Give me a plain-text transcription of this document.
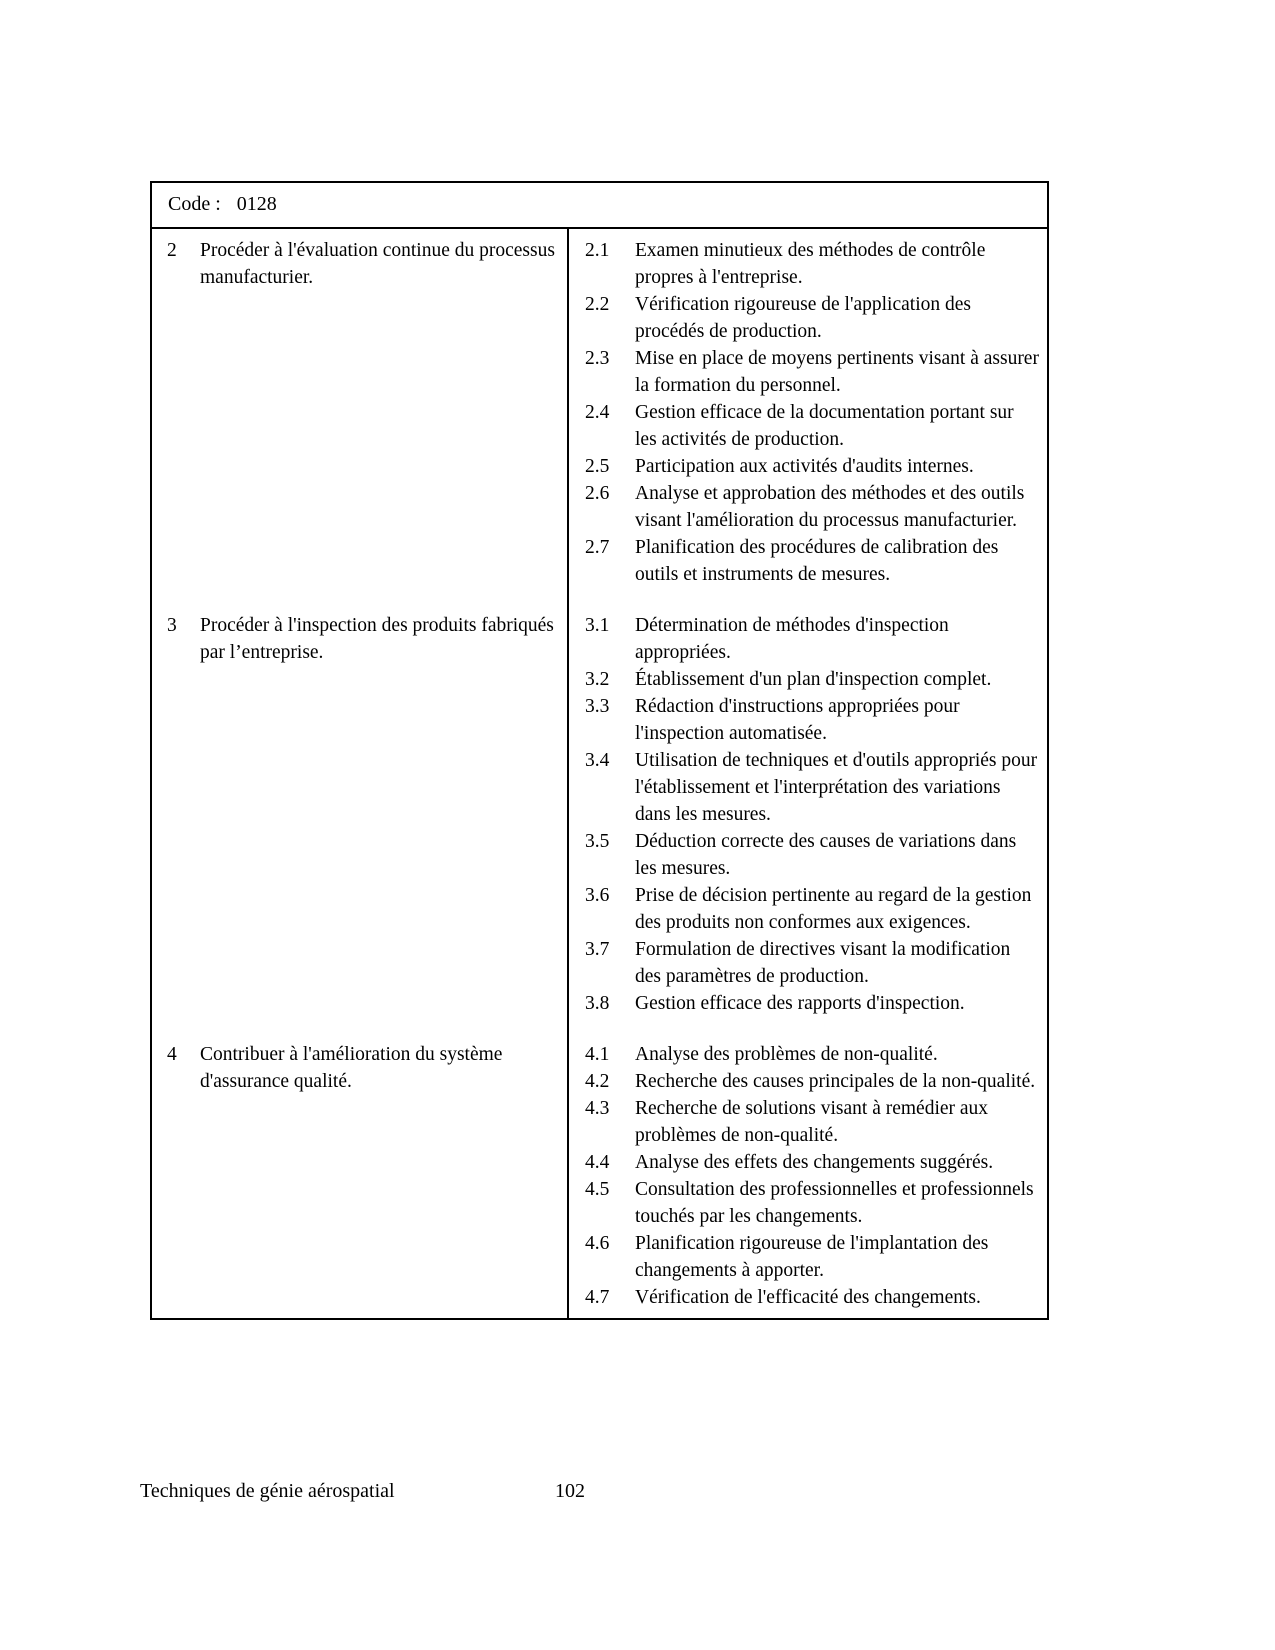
Code : 0128
2	Procéder à l'évaluation continue du processus manufacturier.
2.1	Examen minutieux des méthodes de contrôle propres à l'entreprise.
2.2	Vérification rigoureuse de l'application des procédés de production.
2.3	Mise en place de moyens pertinents visant à assurer la formation du personnel.
2.4	Gestion efficace de la documentation portant sur les activités de production.
2.5	Participation aux activités d'audits internes.
2.6	Analyse et approbation des méthodes et des outils visant l'amélioration du processus manufacturier.
2.7	Planification des procédures de calibration des outils et instruments de mesures.
3	Procéder à l'inspection des produits fabriqués par l’entreprise.
3.1	Détermination de méthodes d'inspection appropriées.
3.2	Établissement d'un plan d'inspection complet.
3.3	Rédaction d'instructions appropriées pour l'inspection automatisée.
3.4	Utilisation de techniques et d'outils appropriés pour l'établissement et l'interprétation des variations dans les mesures.
3.5	Déduction correcte des causes de variations dans les mesures.
3.6	Prise de décision pertinente au regard de la gestion des produits non conformes aux exigences.
3.7	Formulation de directives visant la modification des paramètres de production.
3.8	Gestion efficace des rapports d'inspection.
4	Contribuer à l'amélioration du système d'assurance qualité.
4.1	Analyse des problèmes de non-qualité.
4.2	Recherche des causes principales de la non-qualité.
4.3	Recherche de solutions visant à remédier aux problèmes de non-qualité.
4.4	Analyse des effets des changements suggérés.
4.5	Consultation des professionnelles et professionnels touchés par les changements.
4.6	Planification rigoureuse de l'implantation des changements à apporter.
4.7	Vérification de l'efficacité des changements.
Techniques de génie aérospatial	102
